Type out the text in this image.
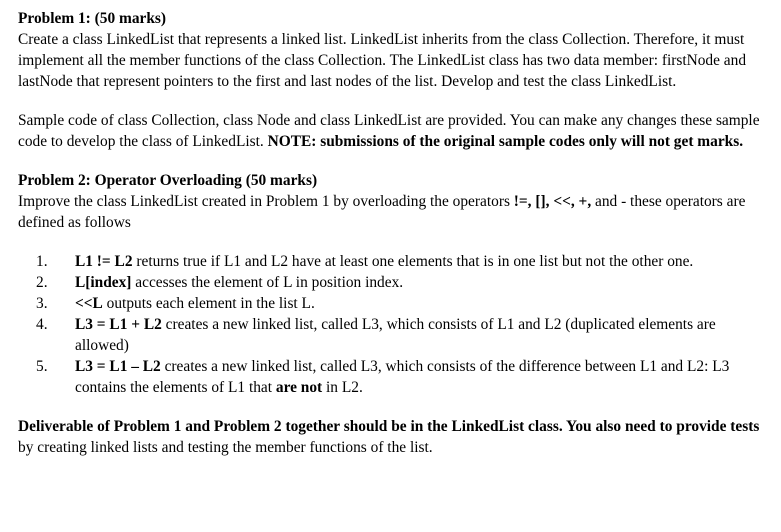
Problem 1: (50 marks)

Create a class LinkedList that represents a linked list. LinkedList inherits from the class Collection. Therefore, it must implement all the member functions of the class Collection. The LinkedList class has two data member: firstNode and lastNode that represent pointers to the first and last nodes of the list. Develop and test the class LinkedList.

Sample code of class Collection, class Node and class LinkedList are provided. You can make any changes these sample code to develop the class of LinkedList. NOTE: submissions of the original sample codes only will not get marks.

Problem 2: Operator Overloading (50 marks)

Improve the class LinkedList created in Problem 1 by overloading the operators !=, [], <<, +, and - these operators are defined as follows

1. L1 != L2 returns true if L1 and L2 have at least one elements that is in one list but not the other one.
2. L[index] accesses the element of L in position index.
3. <<L outputs each element in the list L.
4. L3 = L1 + L2 creates a new linked list, called L3, which consists of L1 and L2 (duplicated elements are allowed)
5. L3 = L1 – L2 creates a new linked list, called L3, which consists of the difference between L1 and L2: L3 contains the elements of L1 that are not in L2.

Deliverable of Problem 1 and Problem 2 together should be in the LinkedList class. You also need to provide tests by creating linked lists and testing the member functions of the list.
